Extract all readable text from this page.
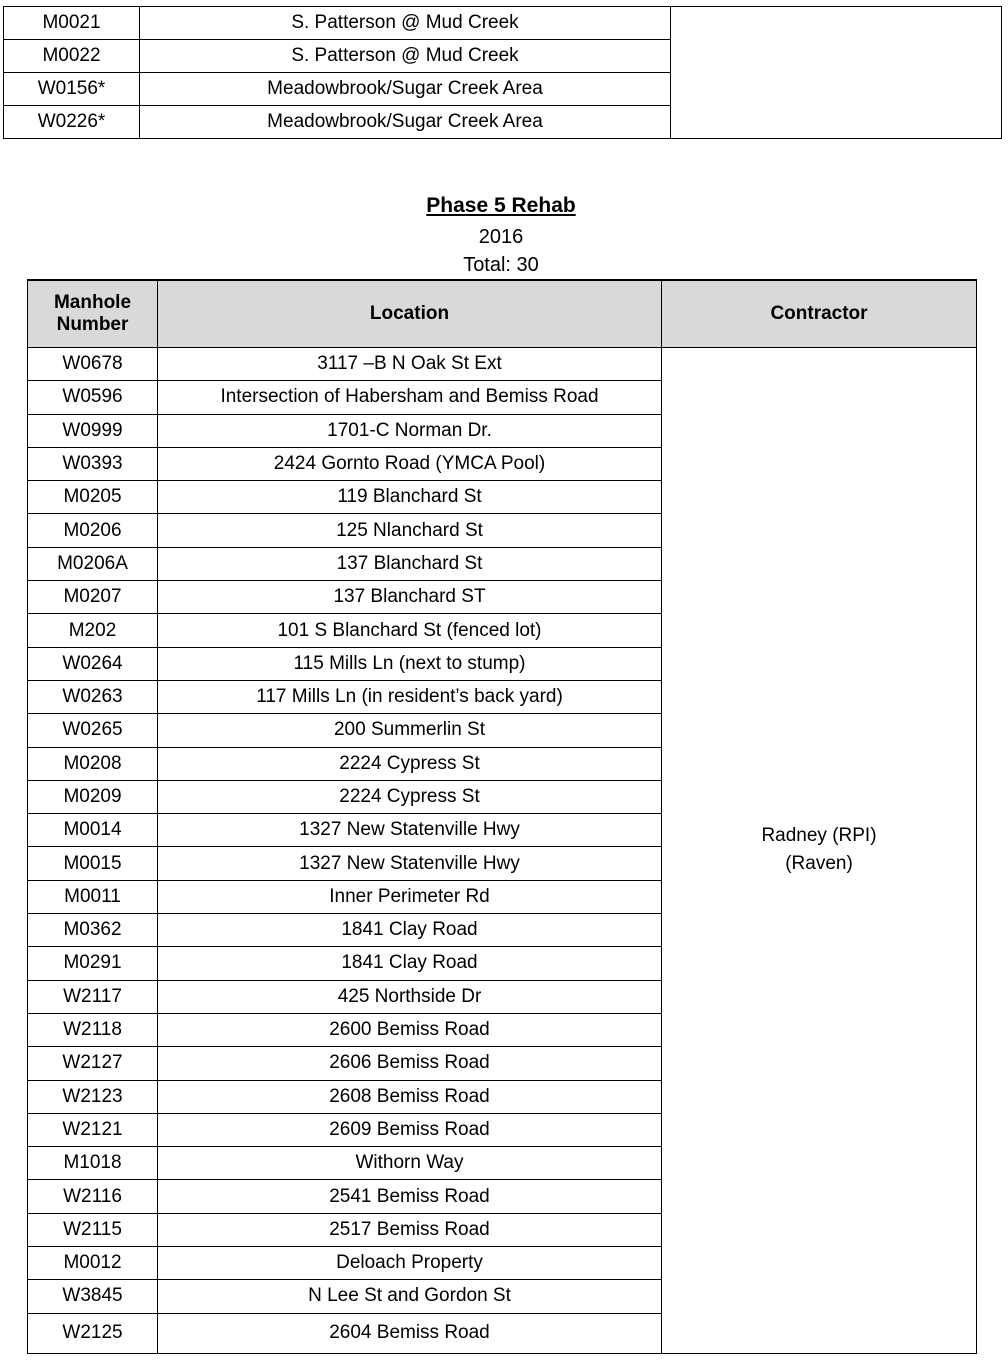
M0021	S. Patterson @ Mud Creek	
M0022	S. Patterson @ Mud Creek	
W0156*	Meadowbrook/Sugar Creek Area	
W0226*	Meadowbrook/Sugar Creek Area	
Phase 5 Rehab
2016
Total: 30
Manhole
Number	Location	Contractor
W0678	3117 –B N Oak St Ext	Radney (RPI)
(Raven)
W0596	Intersection of Habersham and Bemiss Road	
W0999	1701-C Norman Dr.	
W0393	2424 Gornto Road (YMCA Pool)	
M0205	119 Blanchard St	
M0206	125 Nlanchard St	
M0206A	137 Blanchard St	
M0207	137 Blanchard ST	
M202	101 S Blanchard St (fenced lot)	
W0264	115 Mills Ln (next to stump)	
W0263	117 Mills Ln (in resident’s back yard)	
W0265	200 Summerlin St	
M0208	2224 Cypress St	
M0209	2224 Cypress St	
M0014	1327 New Statenville Hwy	
M0015	1327 New Statenville Hwy	
M0011	Inner Perimeter Rd	
M0362	1841 Clay Road	
M0291	1841 Clay Road	
W2117	425 Northside Dr	
W2118	2600 Bemiss Road	
W2127	2606 Bemiss Road	
W2123	2608 Bemiss Road	
W2121	2609 Bemiss Road	
M1018	Withorn Way	
W2116	2541 Bemiss Road	
W2115	2517 Bemiss Road	
M0012	Deloach Property	
W3845	N Lee St and Gordon St	
W2125	2604 Bemiss Road	
